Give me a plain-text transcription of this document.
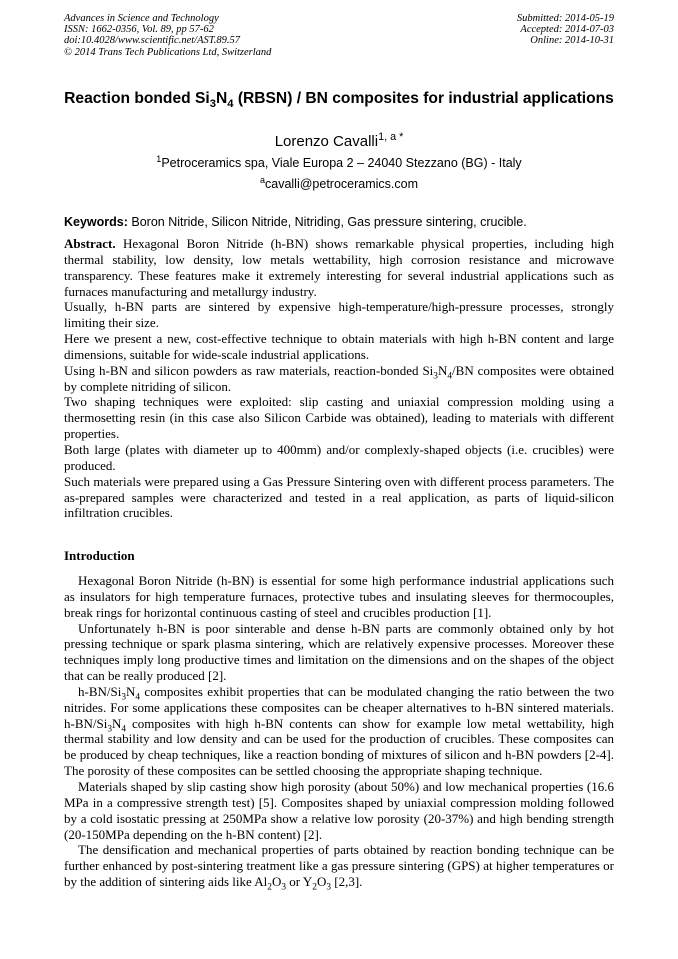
Advances in Science and Technology
ISSN: 1662-0356, Vol. 89, pp 57-62
doi:10.4028/www.scientific.net/AST.89.57
© 2014 Trans Tech Publications Ltd, Switzerland
Submitted: 2014-05-19
Accepted: 2014-07-03
Online: 2014-10-31
Reaction bonded $Si_3N_4$ (RBSN) / BN composites for industrial applications
Lorenzo Cavalli$^{1, a *}$
$^1$Petroceramics spa, Viale Europa 2 – 24040 Stezzano (BG) - Italy
$^a$cavalli@petroceramics.com
Keywords: Boron Nitride, Silicon Nitride, Nitriding, Gas pressure sintering, crucible.

Abstract. Hexagonal Boron Nitride (h-BN) shows remarkable physical properties, including high thermal stability, low density, low metals wettability, high corrosion resistance and microwave transparency. These features make it extremely interesting for several industrial applications such as furnaces manufacturing and metallurgy industry.

Usually, h-BN parts are sintered by expensive high-temperature/high-pressure processes, strongly limiting their size.

Here we present a new, cost-effective technique to obtain materials with high h-BN content and large dimensions, suitable for wide-scale industrial applications.

Using h-BN and silicon powders as raw materials, reaction-bonded $Si_3N_4/BN$ composites were obtained by complete nitriding of silicon.

Two shaping techniques were exploited: slip casting and uniaxial compression molding using a thermosetting resin (in this case also Silicon Carbide was obtained), leading to materials with different properties.

Both large (plates with diameter up to 400mm) and/or complexly-shaped objects (i.e. crucibles) were produced.

Such materials were prepared using a Gas Pressure Sintering oven with different process parameters. The as-prepared samples were characterized and tested in a real application, as parts of liquid-silicon infiltration crucibles.

Introduction

Hexagonal Boron Nitride (h-BN) is essential for some high performance industrial applications such as insulators for high temperature furnaces, protective tubes and insulating sleeves for thermocouples, break rings for horizontal continuous casting of steel and crucibles production [1].

Unfortunately h-BN is poor sinterable and dense h-BN parts are commonly obtained only by hot pressing technique or spark plasma sintering, which are relatively expensive processes. Moreover these techniques imply long productive times and limitation on the dimensions and on the shapes of the object that can be really produced [2].

$h-BN/Si_3N_4$ composites exhibit properties that can be modulated changing the ratio between the two nitrides. For some applications these composites can be cheaper alternatives to h-BN sintered materials. $h-BN/Si_3N_4$ composites with high h-BN contents can show for example low metal wettability, high thermal stability and low density and can be used for the production of crucibles. These composites can be produced by cheap techniques, like a reaction bonding of mixtures of silicon and h-BN powders [2-4]. The porosity of these composites can be settled choosing the appropriate shaping technique.

Materials shaped by slip casting show high porosity (about 50%) and low mechanical properties (16.6 MPa in a compressive strength test) [5]. Composites shaped by uniaxial compression molding followed by a cold isostatic pressing at 250MPa show a relative low porosity (20-37%) and high bending strength (20-150MPa depending on the h-BN content) [2].

The densification and mechanical properties of parts obtained by reaction bonding technique can be further enhanced by post-sintering treatment like a gas pressure sintering (GPS) at higher temperatures or by the addition of sintering aids like $Al_2O_3$ or $Y_2O_3$ [2,3].
